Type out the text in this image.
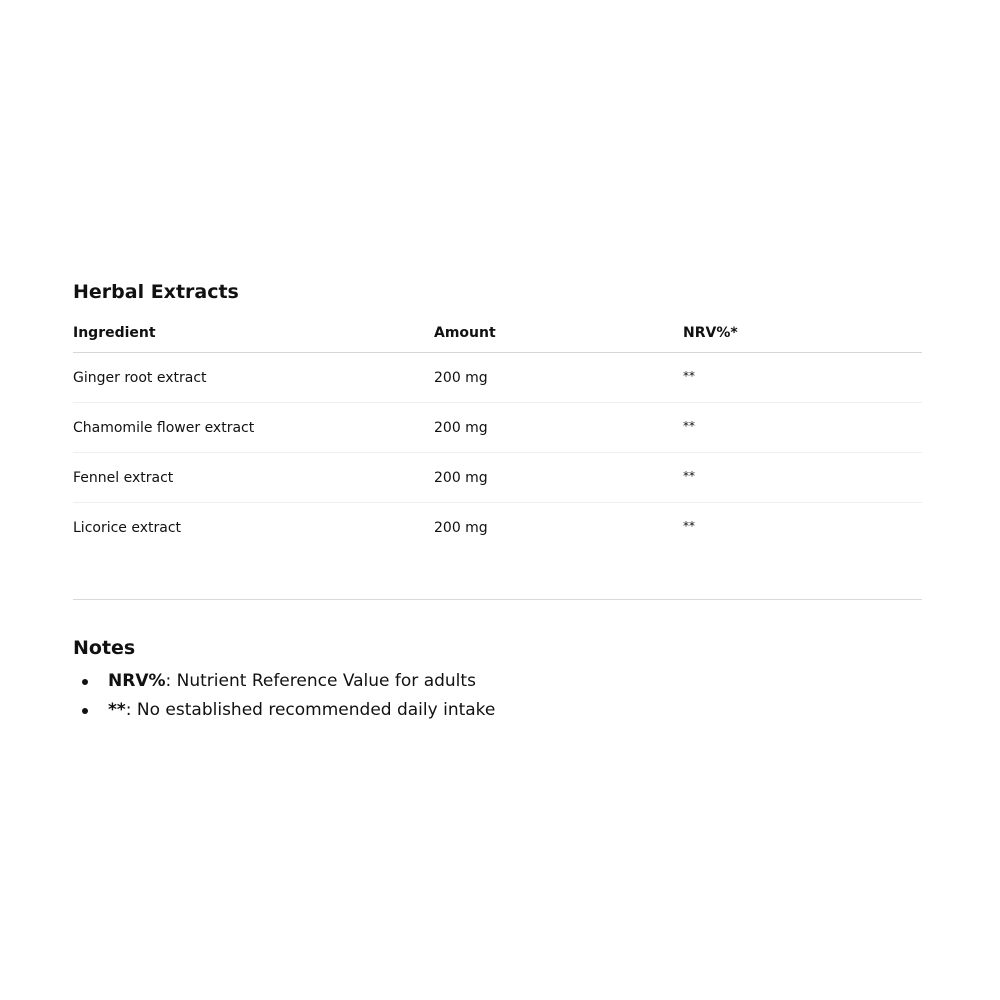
Herbal Extracts
Ingredient	Amount	NRV%*
Ginger root extract	200 mg	**
Chamomile flower extract	200 mg	**
Fennel extract	200 mg	**
Licorice extract	200 mg	**
Notes
NRV%: Nutrient Reference Value for adults
**: No established recommended daily intake
